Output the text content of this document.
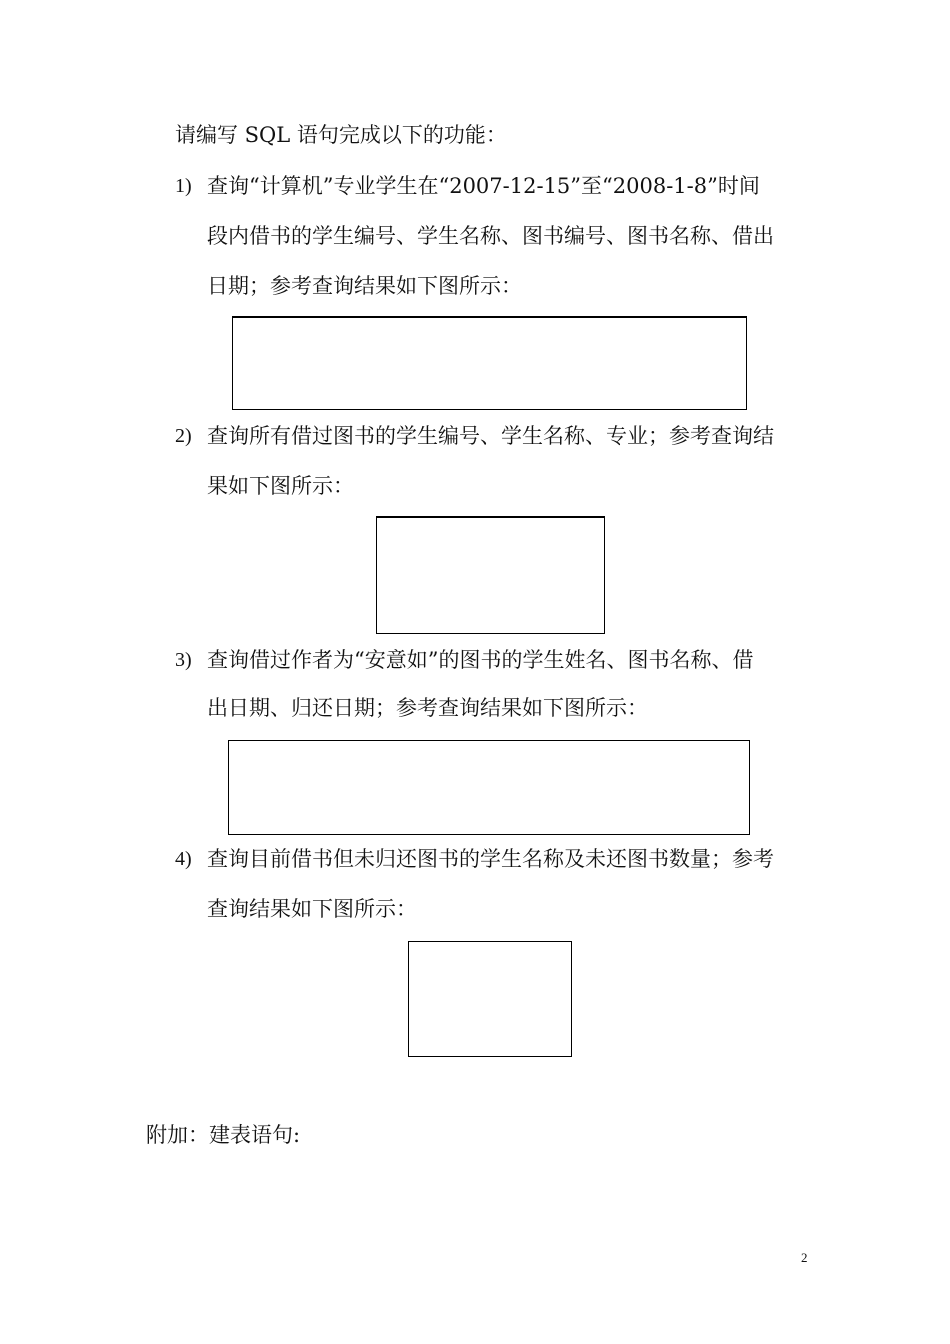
请编写 SQL 语句完成以下的功能：
1) 查询“计算机”专业学生在“2007-12-15”至“2008-1-8”时间
段内借书的学生编号、学生名称、图书编号、图书名称、借出
日期；参考查询结果如下图所示：
2) 查询所有借过图书的学生编号、学生名称、专业；参考查询结
果如下图所示：
3) 查询借过作者为“安意如”的图书的学生姓名、图书名称、借
出日期、归还日期；参考查询结果如下图所示：
4) 查询目前借书但未归还图书的学生名称及未还图书数量；参考
查询结果如下图所示：
附加：建表语句:
2
